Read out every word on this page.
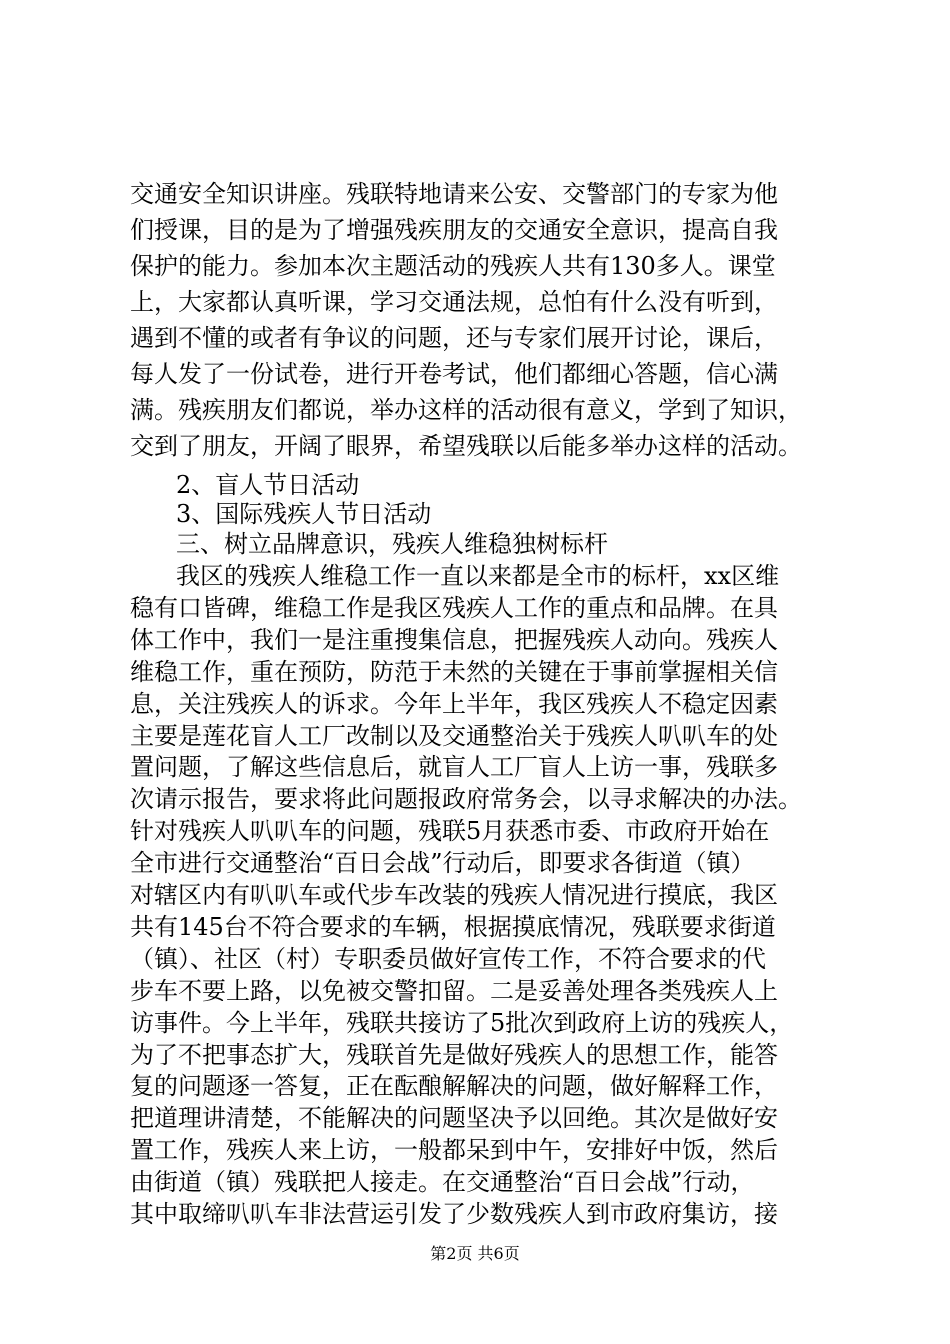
交通安全知识讲座。残联特地请来公安、交警部门的专家为他
们授课，目的是为了增强残疾朋友的交通安全意识，提高自我
保护的能力。参加本次主题活动的残疾人共有130多人。课堂
上，大家都认真听课，学习交通法规，总怕有什么没有听到，
遇到不懂的或者有争议的问题，还与专家们展开讨论，课后，
每人发了一份试卷，进行开卷考试，他们都细心答题，信心满
满。残疾朋友们都说，举办这样的活动很有意义，学到了知识，
交到了朋友，开阔了眼界，希望残联以后能多举办这样的活动。
2、盲人节日活动
3、国际残疾人节日活动
三、树立品牌意识，残疾人维稳独树标杆
我区的残疾人维稳工作一直以来都是全市的标杆，xx区维
稳有口皆碑，维稳工作是我区残疾人工作的重点和品牌。在具
体工作中，我们一是注重搜集信息，把握残疾人动向。残疾人
维稳工作，重在预防，防范于未然的关键在于事前掌握相关信
息，关注残疾人的诉求。今年上半年，我区残疾人不稳定因素
主要是莲花盲人工厂改制以及交通整治关于残疾人叭叭车的处
置问题，了解这些信息后，就盲人工厂盲人上访一事，残联多
次请示报告，要求将此问题报政府常务会，以寻求解决的办法。
针对残疾人叭叭车的问题，残联5月获悉市委、市政府开始在
全市进行交通整治“百日会战”行动后，即要求各街道（镇）
对辖区内有叭叭车或代步车改装的残疾人情况进行摸底，我区
共有145台不符合要求的车辆，根据摸底情况，残联要求街道
（镇）、社区（村）专职委员做好宣传工作，不符合要求的代
步车不要上路，以免被交警扣留。二是妥善处理各类残疾人上
访事件。今上半年，残联共接访了5批次到政府上访的残疾人，
为了不把事态扩大，残联首先是做好残疾人的思想工作，能答
复的问题逐一答复，正在酝酿解解决的问题，做好解释工作，
把道理讲清楚，不能解决的问题坚决予以回绝。其次是做好安
置工作，残疾人来上访，一般都呆到中午，安排好中饭，然后
第2页 共6页
由街道（镇）残联把人接走。在交通整治“百日会战”行动，
其中取缔叭叭车非法营运引发了少数残疾人到市政府集访，接
